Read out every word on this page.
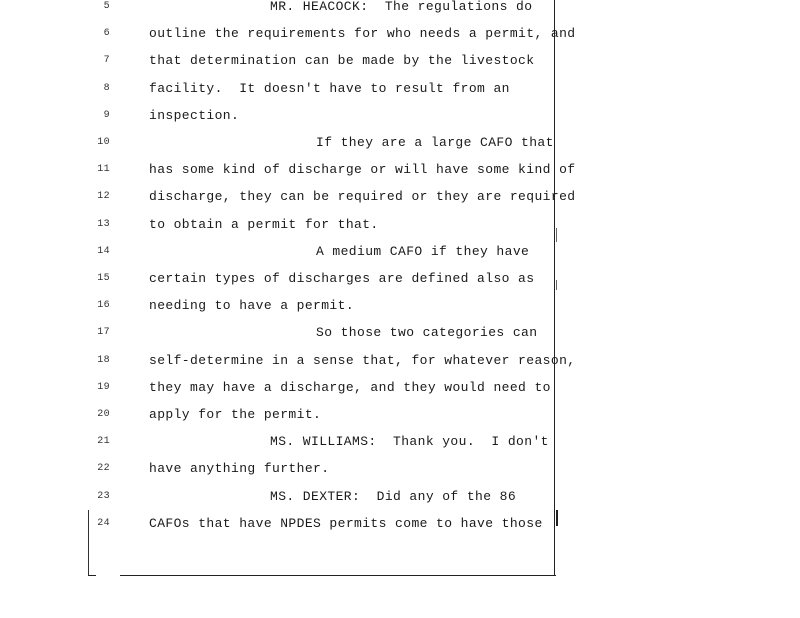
5	MR. HEACOCK:  The regulations do
6	outline the requirements for who needs a permit, and
7	that determination can be made by the livestock
8	facility.  It doesn't have to result from an
9	inspection.
10	If they are a large CAFO that
11	has some kind of discharge or will have some kind of
12	discharge, they can be required or they are required
13	to obtain a permit for that.
14	A medium CAFO if they have
15	certain types of discharges are defined also as
16	needing to have a permit.
17	So those two categories can
18	self-determine in a sense that, for whatever reason,
19	they may have a discharge, and they would need to
20	apply for the permit.
21	MS. WILLIAMS:  Thank you.  I don't
22	have anything further.
23	MS. DEXTER:  Did any of the 86
24	CAFOs that have NPDES permits come to have those
